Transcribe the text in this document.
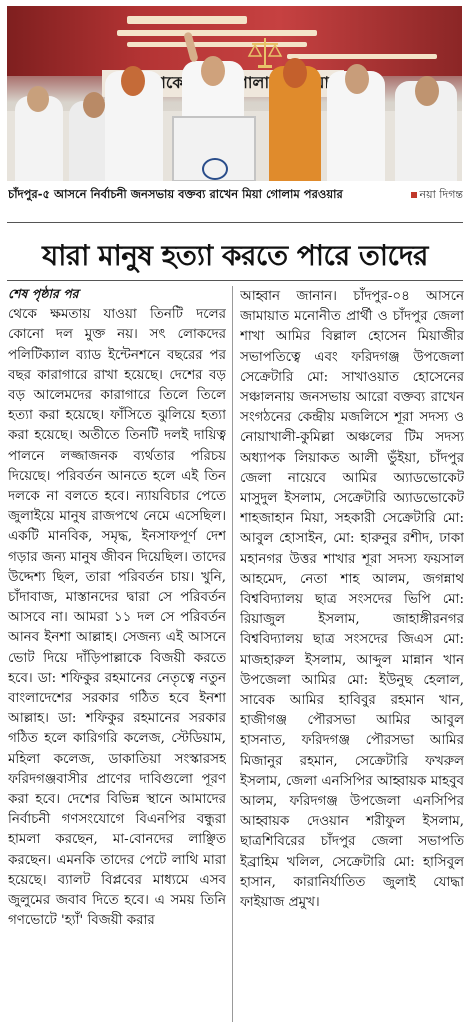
গোলাম
চাঁদপুর-৫ আসনে নির্বাচনী জনসভায় বক্তব্য রাখেন মিয়া গোলাম পরওয়ার	নয়া দিগন্ত
যারা মানুষ হত্যা করতে পারে তাদের
শেষ পৃষ্ঠার পর
থেকে ক্ষমতায় যাওয়া তিনটি দলের কোনো দল মুক্ত নয়। সৎ লোকদের পলিটিক্যাল ব্যাড ইন্টেনশনে বছরের পর বছর কারাগারে রাখা হয়েছে। দেশের বড় বড় আলেমদের কারাগারে তিলে তিলে হত্যা করা হয়েছে। ফাঁসিতে ঝুলিয়ে হত্যা করা হয়েছে। অতীতে তিনটি দলই দায়িত্ব পালনে লজ্জাজনক ব্যর্থতার পরিচয় দিয়েছে। পরিবর্তন আনতে হলে এই তিন দলকে না বলতে হবে। ন্যায়বিচার পেতে জুলাইয়ে মানুষ রাজপথে নেমে এসেছিল। একটি মানবিক, সমৃদ্ধ, ইনসাফপূর্ণ দেশ গড়ার জন্য মানুষ জীবন দিয়েছিল। তাদের উদ্দেশ্য ছিল, তারা পরিবর্তন চায়। খুনি, চাঁদাবাজ, মাস্তানদের দ্বারা সে পরিবর্তন আসবে না। আমরা ১১ দল সে পরিবর্তন আনব ইনশা আল্লাহ। সেজন্য এই আসনে ভোট দিয়ে দাঁড়িপাল্লাকে বিজয়ী করতে হবে। ডা: শফিকুর রহমানের নেতৃত্বে নতুন বাংলাদেশের সরকার গঠিত হবে ইনশা আল্লাহ। ডা: শফিকুর রহমানের সরকার গঠিত হলে কারিগরি কলেজ, স্টেডিয়াম, মহিলা কলেজ, ডাকাতিয়া সংস্কারসহ ফরিদগঞ্জবাসীর প্রাণের দাবিগুলো পূরণ করা হবে। দেশের বিভিন্ন স্থানে আমাদের নির্বাচনী গণসংযোগে বিএনপির বন্ধুরা হামলা করছেন, মা-বোনদের লাঞ্ছিত করছেন। এমনকি তাদের পেটে লাথি মারা হয়েছে। ব্যালট বিপ্লবের মাধ্যমে এসব জুলুমের জবাব দিতে হবে। এ সময় তিনি গণভোটে 'হ্যাঁ' বিজয়ী করার
আহ্বান জানান। চাঁদপুর-০৪ আসনে জামায়াত মনোনীত প্রার্থী ও চাঁদপুর জেলা শাখা আমির বিল্লাল হোসেন মিয়াজীর সভাপতিত্বে এবং ফরিদগঞ্জ উপজেলা সেক্রেটারি মো: সাখাওয়াত হোসেনের সঞ্চালনায় জনসভায় আরো বক্তব্য রাখেন সংগঠনের কেন্দ্রীয় মজলিসে শূরা সদস্য ও নোয়াখালী-কুমিল্লা অঞ্চলের টিম সদস্য অধ্যাপক লিয়াকত আলী ভুঁইয়া, চাঁদপুর জেলা নায়েবে আমির অ্যাডভোকেট মাসুদুল ইসলাম, সেক্রেটারি অ্যাডভোকেট শাহজাহান মিয়া, সহকারী সেক্রেটারি মো: আবুল হোসাইন, মো: হারুনুর রশীদ, ঢাকা মহানগর উত্তর শাখার শূরা সদস্য ফয়সাল আহমেদ, নেতা শাহ আলম, জগন্নাথ বিশ্ববিদ্যালয় ছাত্র সংসদের ভিপি মো: রিয়াজুল ইসলাম, জাহাঙ্গীরনগর বিশ্ববিদ্যালয় ছাত্র সংসদের জিএস মো: মাজহারুল ইসলাম, আব্দুল মান্নান খান উপজেলা আমির মো: ইউনুছ হেলাল, সাবেক আমির হাবিবুর রহমান খান, হাজীগঞ্জ পৌরসভা আমির আবুল হাসনাত, ফরিদগঞ্জ পৌরসভা আমির মিজানুর রহমান, সেক্রেটারি ফখরুল ইসলাম, জেলা এনসিপির আহ্বায়ক মাহবুব আলম, ফরিদগঞ্জ উপজেলা এনসিপির আহ্বায়ক দেওয়ান শরীফুল ইসলাম, ছাত্রশিবিরের চাঁদপুর জেলা সভাপতি ইব্রাহিম খলিল, সেক্রেটারি মো: হাসিবুল হাসান, কারানির্যাতিত জুলাই যোদ্ধা ফাইয়াজ প্রমুখ।
